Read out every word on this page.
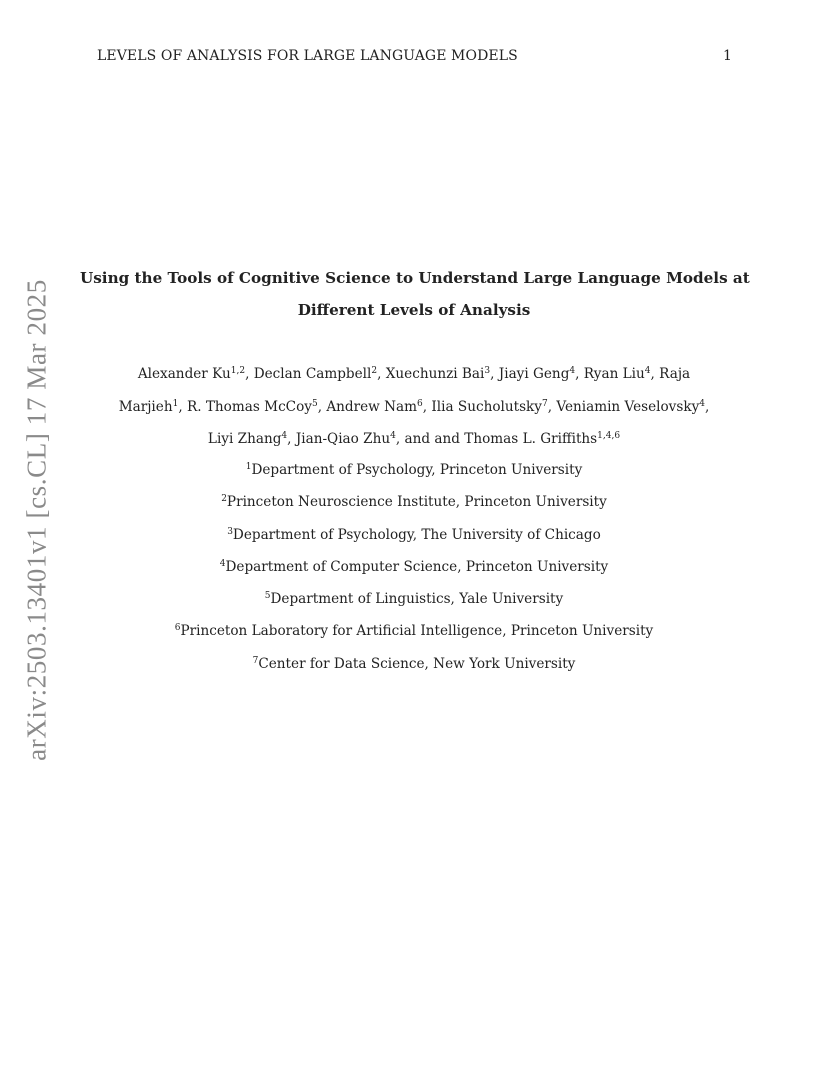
LEVELS OF ANALYSIS FOR LARGE LANGUAGE MODELS	1
arXiv:2503.13401v1 [cs.CL] 17 Mar 2025
Using the Tools of Cognitive Science to Understand Large Language Models at
Different Levels of Analysis
Alexander Ku$^{1,2}$, Declan Campbell$^2$, Xuechunzi Bai$^3$, Jiayi Geng$^4$, Ryan Liu$^4$, Raja
Marjieh$^1$, R. Thomas McCoy$^5$, Andrew Nam$^6$, Ilia Sucholutsky$^7$, Veniamin Veselovsky$^4$,
Liyi Zhang$^4$, Jian-Qiao Zhu$^4$, and and Thomas L. Griffiths$^{1,4,6}$
$^1$Department of Psychology, Princeton University
$^2$Princeton Neuroscience Institute, Princeton University
$^3$Department of Psychology, The University of Chicago
$^4$Department of Computer Science, Princeton University
$^5$Department of Linguistics, Yale University
$^6$Princeton Laboratory for Artificial Intelligence, Princeton University
$^7$Center for Data Science, New York University
